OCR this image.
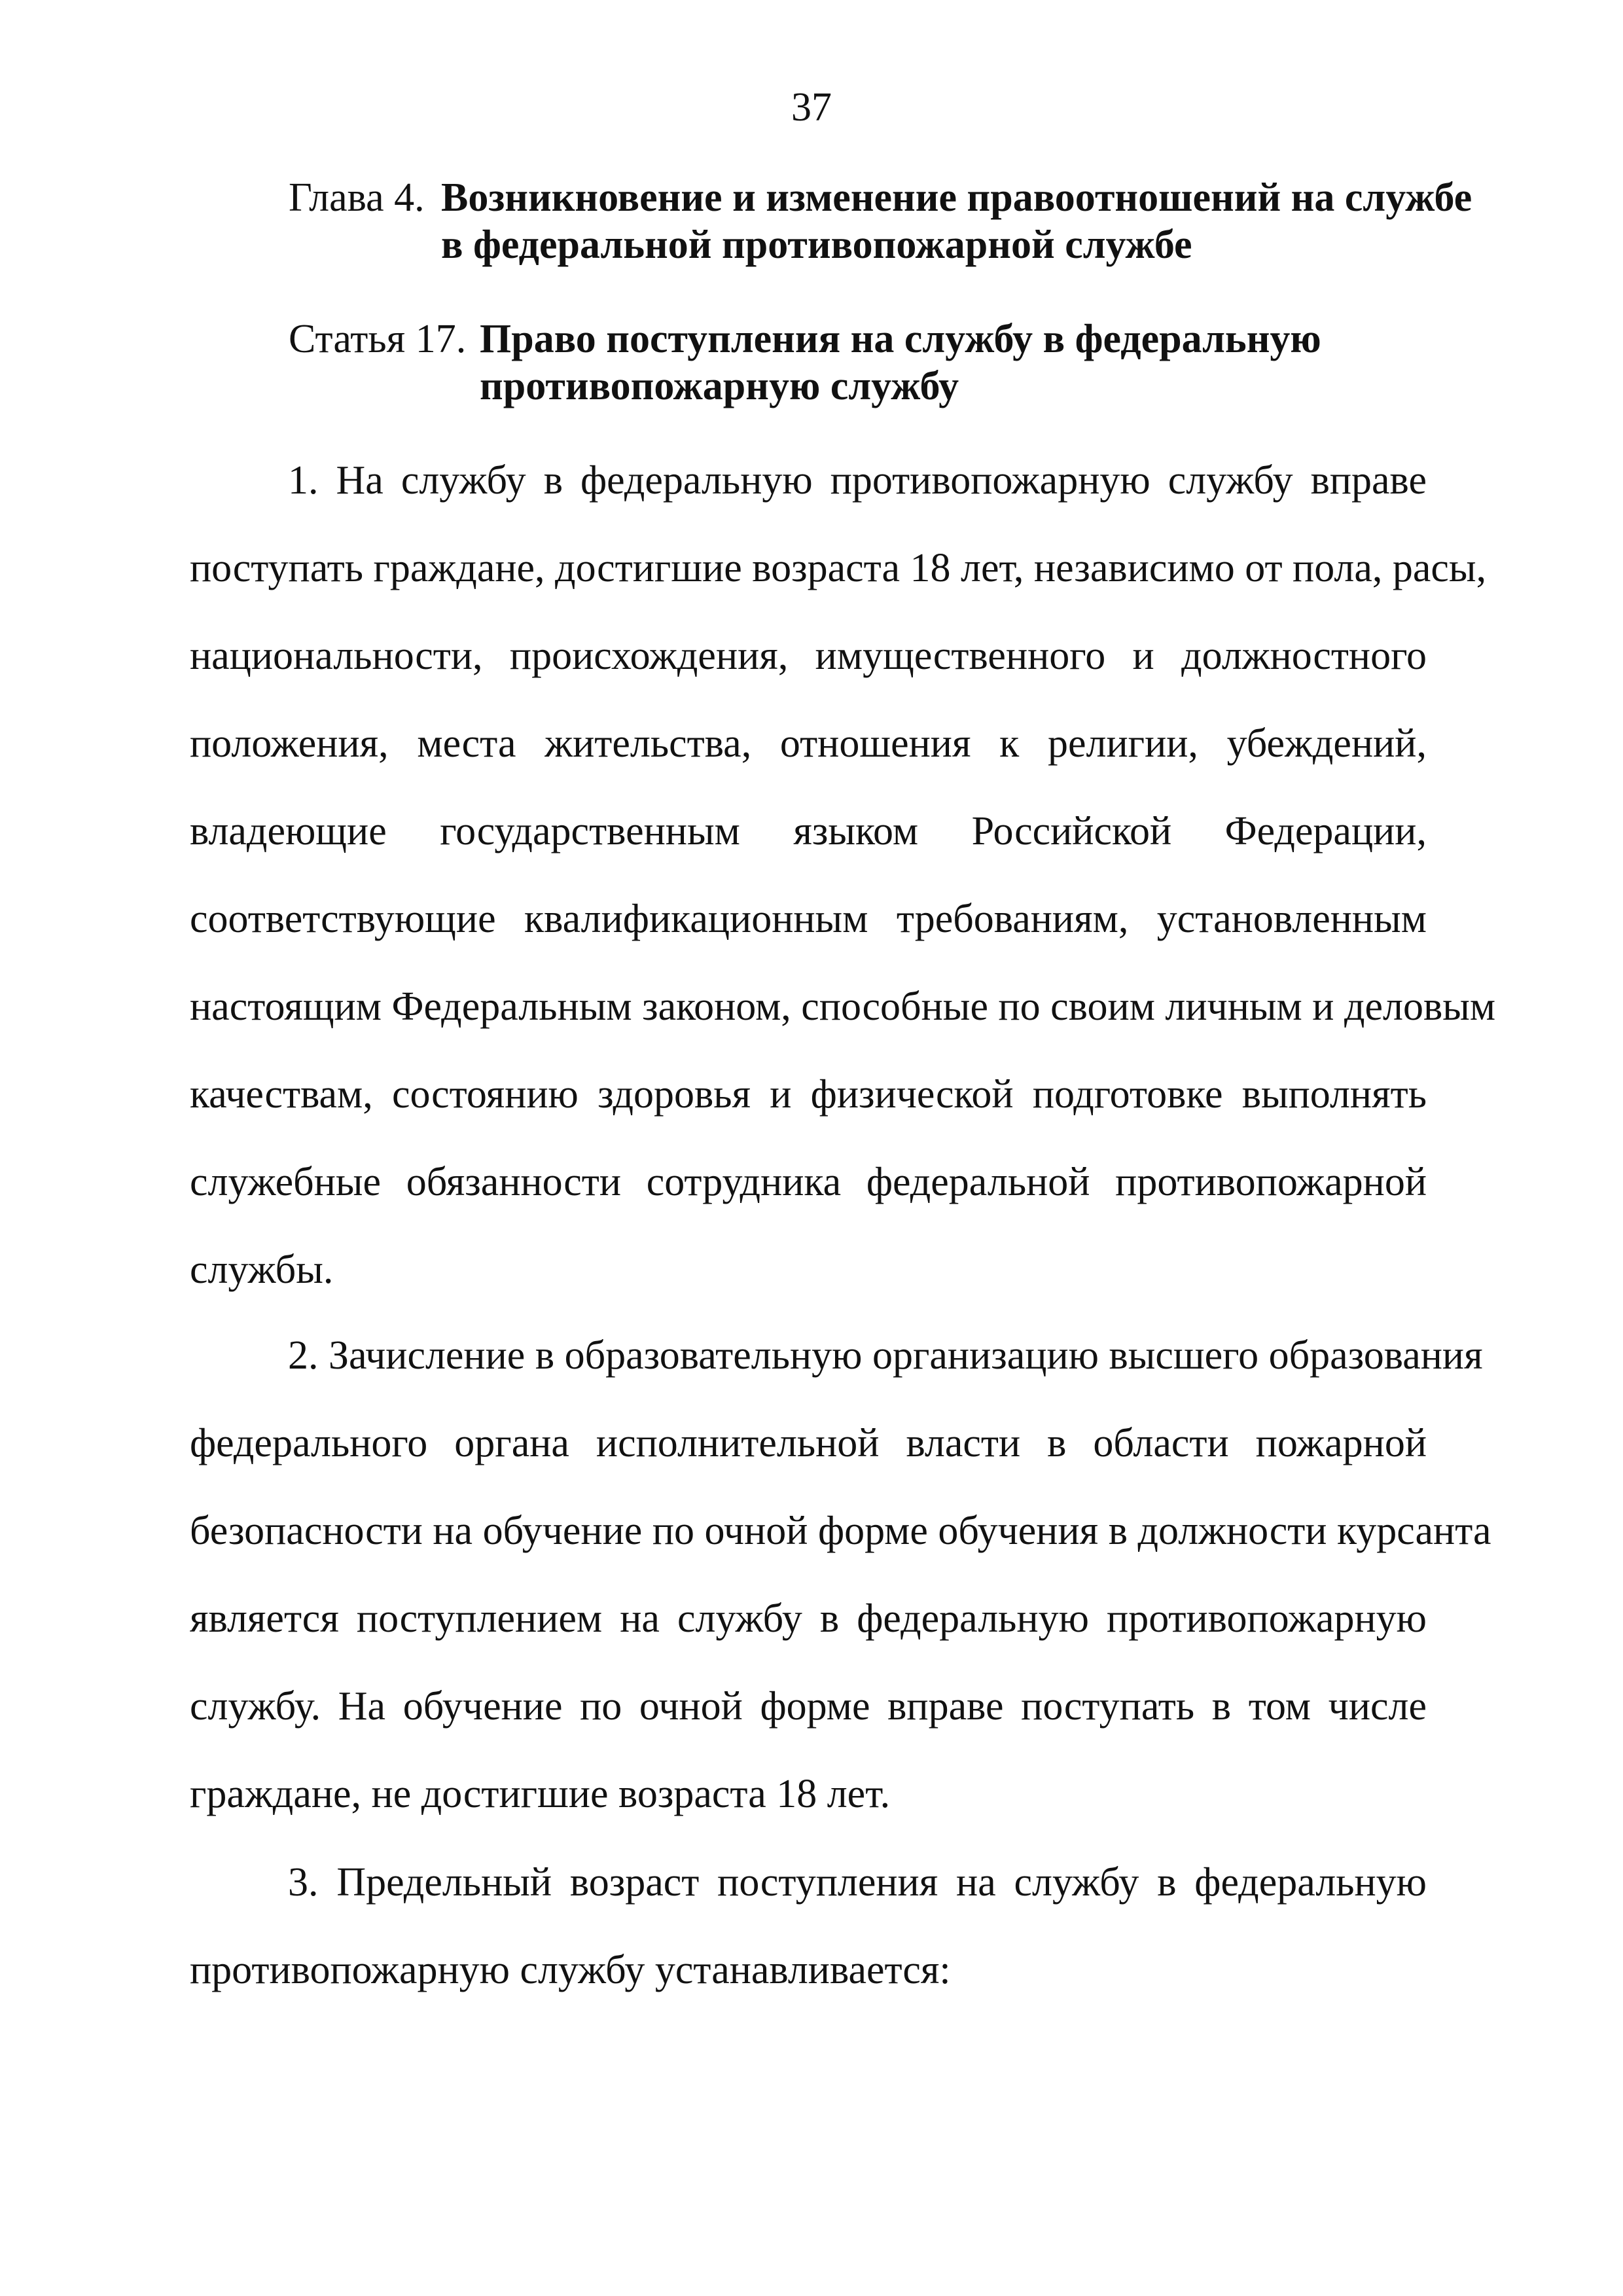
37
Глава 4. Возникновение и изменение правоотношений на службе
в федеральной противопожарной службе
Статья 17. Право поступления на службу в федеральную
противопожарную службу
1. На службу в федеральную противопожарную службу вправе
поступать граждане, достигшие возраста 18 лет, независимо от пола, расы,
национальности, происхождения, имущественного и должностного
положения, места жительства, отношения к религии, убеждений,
владеющие государственным языком Российской Федерации,
соответствующие квалификационным требованиям, установленным
настоящим Федеральным законом, способные по своим личным и деловым
качествам, состоянию здоровья и физической подготовке выполнять
служебные обязанности сотрудника федеральной противопожарной
службы.
2. Зачисление в образовательную организацию высшего образования
федерального органа исполнительной власти в области пожарной
безопасности на обучение по очной форме обучения в должности курсанта
является поступлением на службу в федеральную противопожарную
службу. На обучение по очной форме вправе поступать в том числе
граждане, не достигшие возраста 18 лет.
3. Предельный возраст поступления на службу в федеральную
противопожарную службу устанавливается:
